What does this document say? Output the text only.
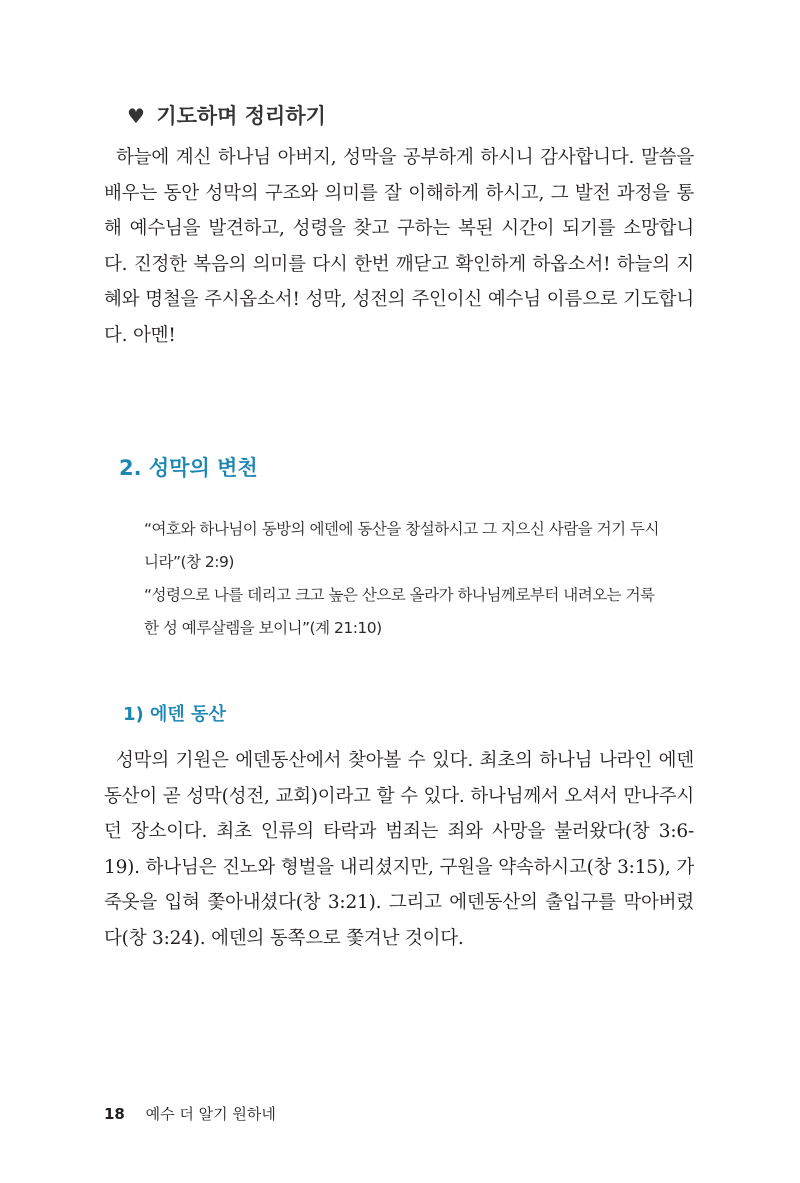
♥ 기도하며 정리하기

하늘에 계신 하나님 아버지, 성막을 공부하게 하시니 감사합니다. 말씀을 배우는 동안 성막의 구조와 의미를 잘 이해하게 하시고, 그 발전 과정을 통해 예수님을 발견하고, 성령을 찾고 구하는 복된 시간이 되기를 소망합니다. 진정한 복음의 의미를 다시 한번 깨닫고 확인하게 하옵소서! 하늘의 지혜와 명철을 주시옵소서! 성막, 성전의 주인이신 예수님 이름으로 기도합니다. 아멘!

2. 성막의 변천

“여호와 하나님이 동방의 에덴에 동산을 창설하시고 그 지으신 사람을 거기 두시니라”(창 2:9)

“성령으로 나를 데리고 크고 높은 산으로 올라가 하나님께로부터 내려오는 거룩한 성 예루살렘을 보이니”(계 21:10)

1) 에덴 동산

성막의 기원은 에덴동산에서 찾아볼 수 있다. 최초의 하나님 나라인 에덴동산이 곧 성막(성전, 교회)이라고 할 수 있다. 하나님께서 오셔서 만나주시던 장소이다. 최초 인류의 타락과 범죄는 죄와 사망을 불러왔다(창 3:6-19). 하나님은 진노와 형벌을 내리셨지만, 구원을 약속하시고(창 3:15), 가죽옷을 입혀 쫓아내셨다(창 3:21). 그리고 에덴동산의 출입구를 막아버렸다(창 3:24). 에덴의 동쪽으로 쫓겨난 것이다.

18 예수 더 알기 원하네
